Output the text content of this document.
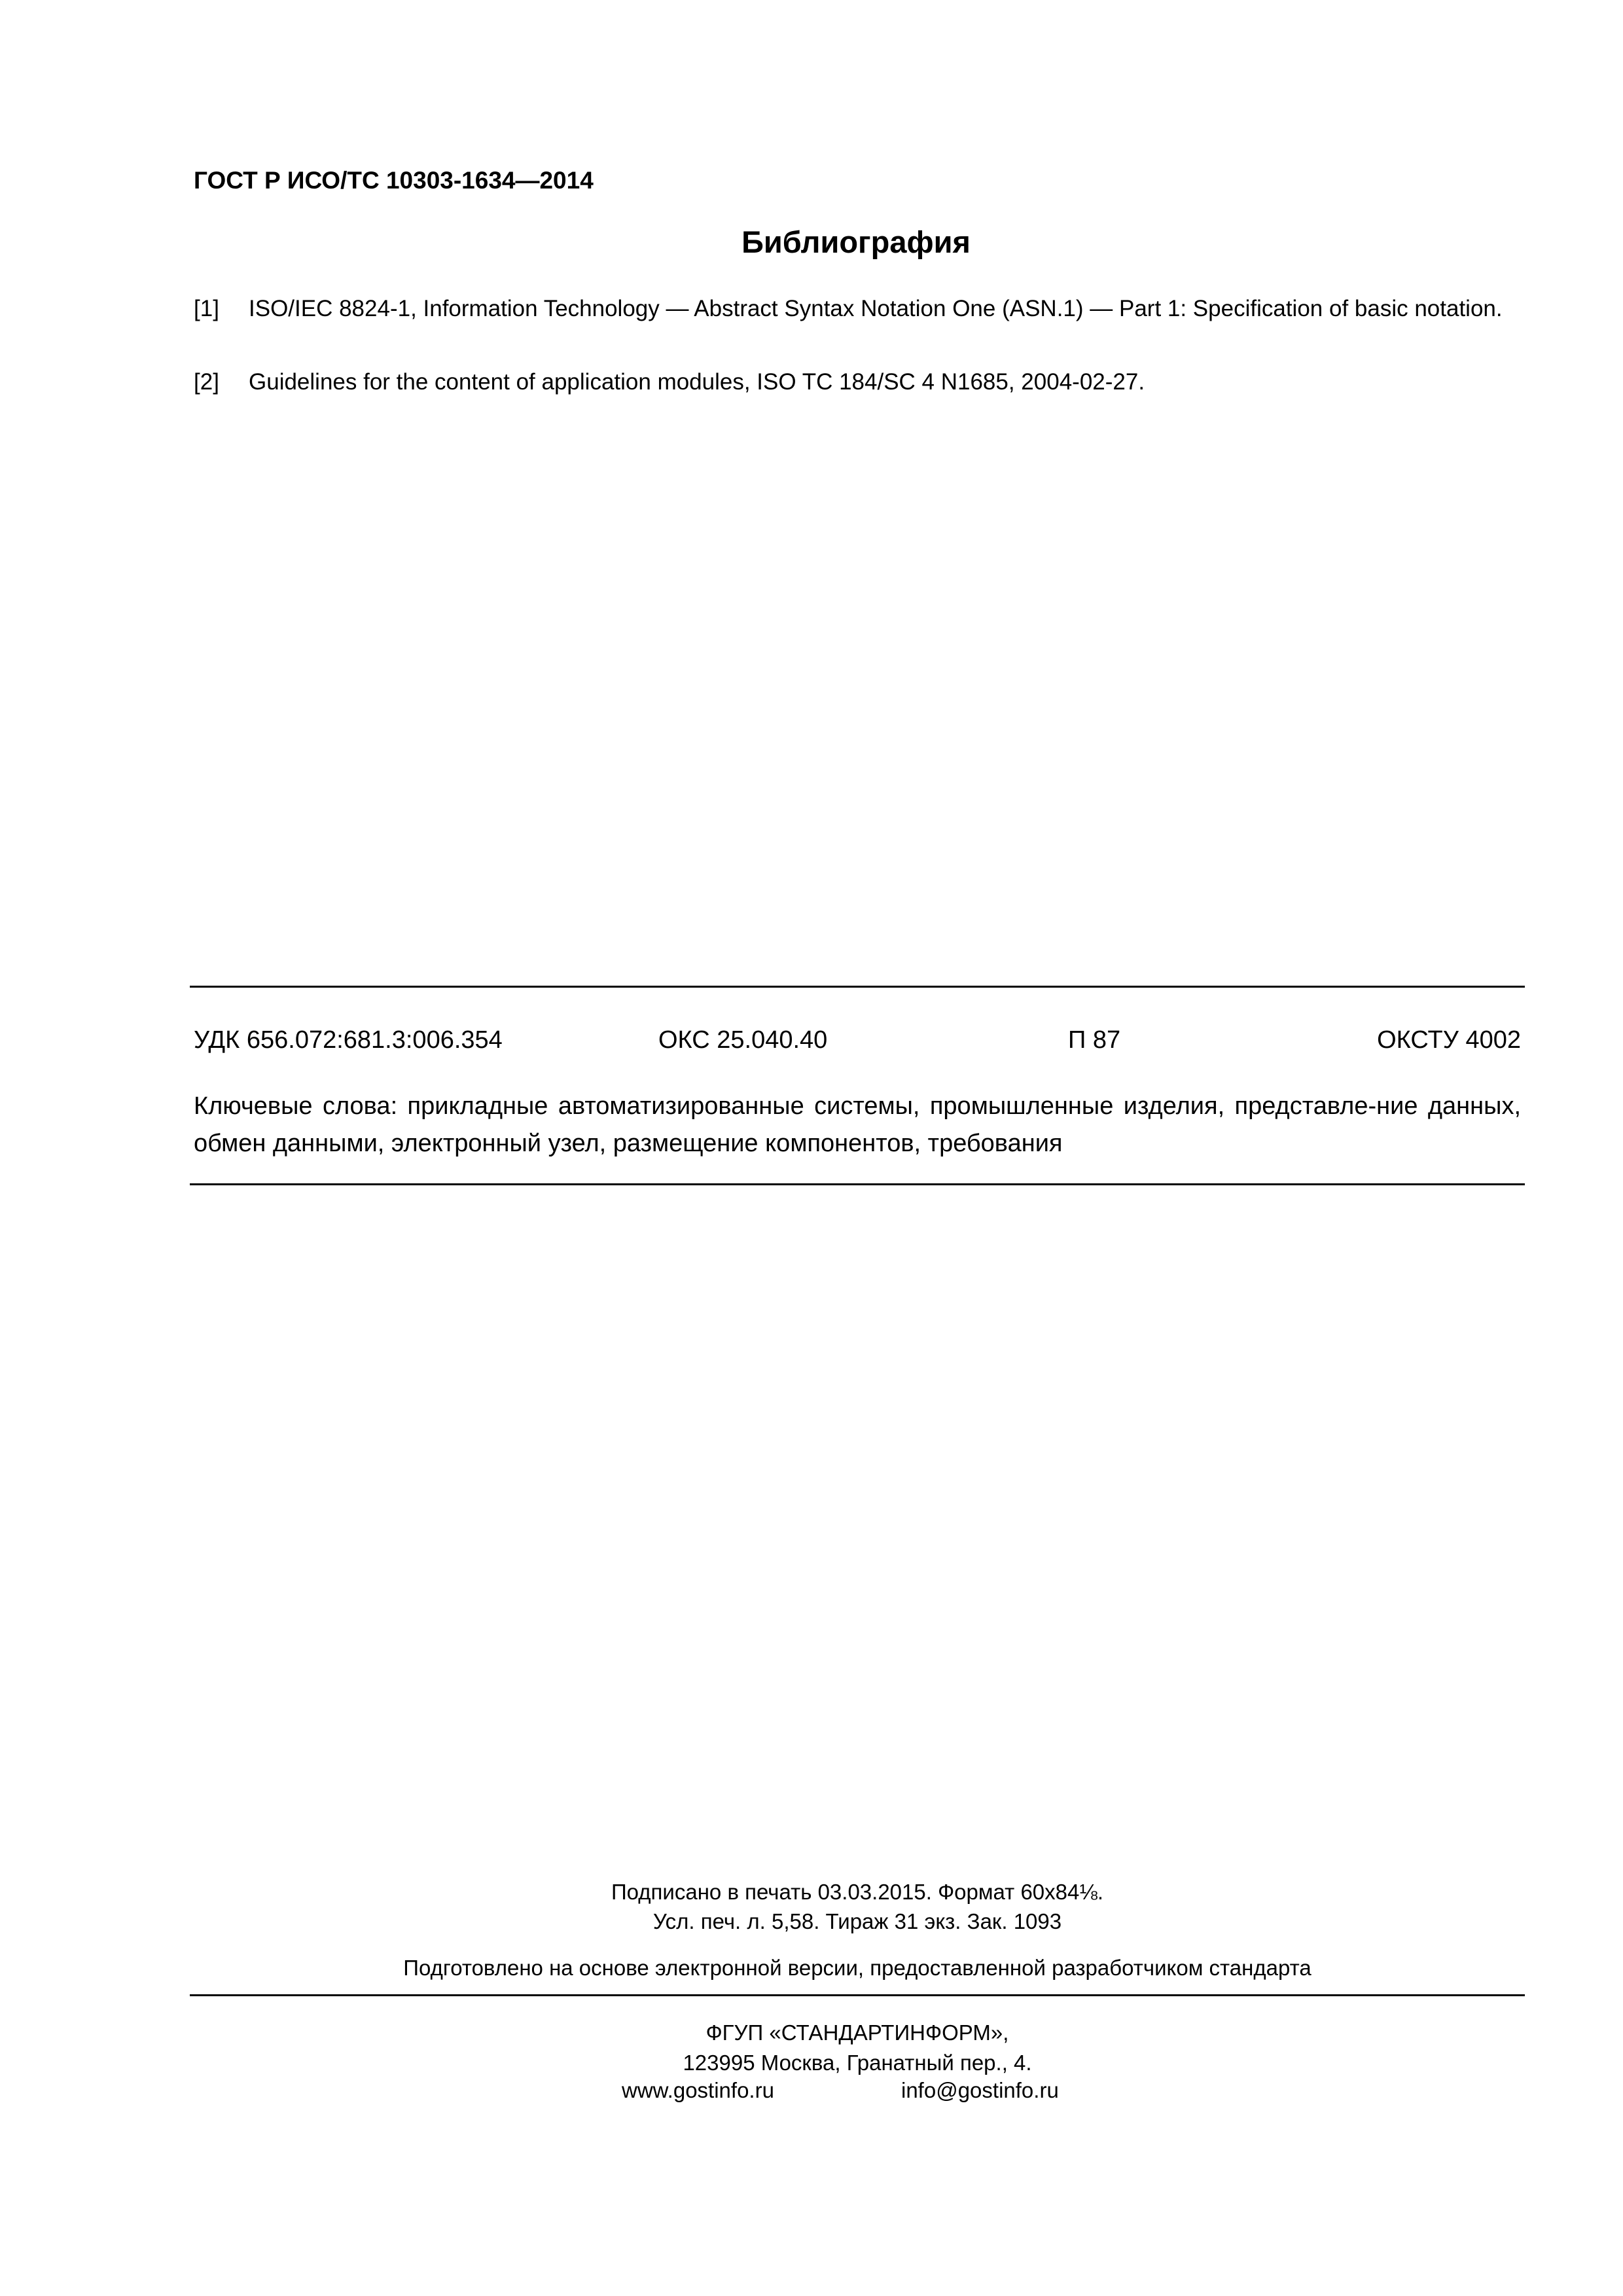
ГОСТ Р ИСО/ТС 10303-1634—2014
Библиография
[1] ISO/IEC 8824-1, Information Technology — Abstract Syntax Notation One (ASN.1) — Part 1: Specification of basic notation.
[2] Guidelines for the content of application modules, ISO TC 184/SC 4 N1685, 2004-02-27.
УДК 656.072:681.3:006.354	ОКС 25.040.40	П 87	ОКСТУ 4002
Ключевые слова: прикладные автоматизированные системы, промышленные изделия, представле-ние данных, обмен данными, электронный узел, размещение компонентов, требования
Подписано в печать 03.03.2015. Формат 60х84⅛.
Усл. печ. л. 5,58. Тираж 31 экз. Зак. 1093
Подготовлено на основе электронной версии, предоставленной разработчиком стандарта
ФГУП «СТАНДАРТИНФОРМ»,
123995 Москва, Гранатный пер., 4.
www.gostinfo.ru	info@gostinfo.ru
